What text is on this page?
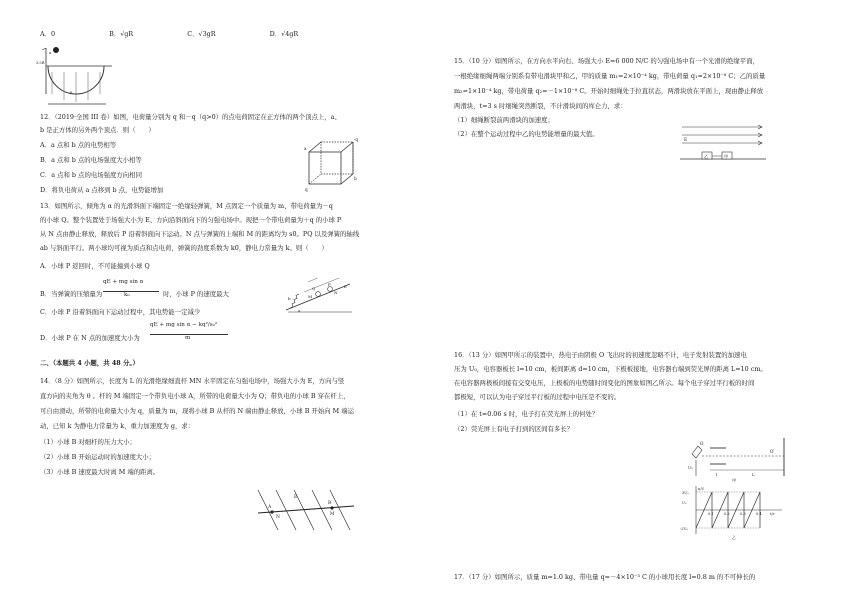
A．0	B．√gR	C．√3gR	D．√4gR
a
3.5R
E
12．（2019·全国 III 卷）如图，电荷量分别为 q 和－q（q>0）的点电荷固定在正方体的两个顶点上，a、
b 是正方体的另外两个顶点．则（　　）
A．a 点和 b 点的电势相等
B．a 点和 b 点的电场强度大小相等
C．a 点和 b 点的电场强度方向相同
D．将负电荷从 a 点移到 b 点，电势能增加
a
q
-q
b
13．如图所示，倾角为 α 的光滑斜面下端固定一绝缘轻弹簧，M 点固定一个质量为 m、带电荷量为－q
的小球 Q。整个装置处于场强大小为 E、方向沿斜面向下的匀强电场中。现把一个带电荷量为＋q 的小球 P
从 N 点由静止释放，释放后 P 沿着斜面向下运动。N 点与弹簧的上端和 M 的距离均为 s0。PQ 以及弹簧的轴线
ab 与斜面平行。两小球均可视为质点和点电荷，弹簧的劲度系数为 k0，静电力常量为 k。则（　　）
A．小球 P 返回时，不可能撞到小球 Q
B．当弹簧的压缩量为
qE + mg sin α
k₀	时，小球 P 的速度最大
C．小球 P 沿着斜面向下运动过程中，其电势能一定减少
D．小球 P 在 N 点的加速度大小为
qE + mg sin α − kq²/s₀²
m
b
Q
M
P
N
E
a
二、（本题共 4 小题，共 48 分。）
14．（8 分）如图所示，长度为 L 的光滑绝缘细直杆 MN 水平固定在匀强电场中，场强大小为 E，方向与竖
直方向的夹角为 θ 。杆的 M 端固定一个带负电小球 A，所带的电荷量大小为 Q；带负电的小球 B 穿在杆上，
可自由滑动，所带的电荷量大小为 q，质量为 m，现将小球 B 从杆的 N 端由静止释放，小球 B 开始向 M 端运
动，已知 k 为静电力常量为 k，重力加速度为 g，求：
（1）小球 B 对细杆的压力大小；
（2）小球 B 开始运动时的加速度大小；
（3）小球 B 速度最大时离 M 端的距离。
E
A
N
M
B
15．（10 分）如图所示，在方向水平向右、场强大小 E=6 000 N/C 的匀强电场中有一个光滑的绝缘平面，
一根绝缘细绳两端分别系有带电滑块甲和乙，甲的质量 m₁=2×10⁻⁴ kg，带电荷量 q₁=2×10⁻⁸ C；乙的质量
m₂=1×10⁻⁴ kg，带电荷量 q₂=－1×10⁻⁸ C。开始时细绳处于拉直状态，两滑块放在平面上，现由静止释放
两滑块，t=3 s 时细绳突然断裂，不计滑块间的库仑力，求：
（1）细绳断裂前两滑块的加速度；
（2）在整个运动过程中乙的电势能增量的最大值。
E
乙	甲
16．（13 分）如图甲所示的装置中，热电子由阴极 O 飞出时的初速度忽略不计，电子发射装置的加速电
压为 U₀，电容器板长 l=10 cm，板间距离 d=10 cm，下极板接地，电容器右端到荧光屏的距离 L=10 cm。
在电容器两极板间接有交变电压，上极板的电势随时间变化的图象如图乙所示。每个电子穿过平行板的时间
都极短，可以认为电子穿过平行板的过程中电压是不变的。
（1）在 t=0.06 s 时，电子打在荧光屏上的何处？
（2）荧光屏上有电子打到的区间有多长？
O
U₀
O′
l	L
甲
u/V
3U₀
U₀
-2U₀
0.1	0.2	0.3	0.4 t/s
乙
17．（17 分）如图所示，质量 m=1.0 kg、带电量 q=－4×10⁻³ C 的小球用长度 l=0.8 m 的不可伸长的
